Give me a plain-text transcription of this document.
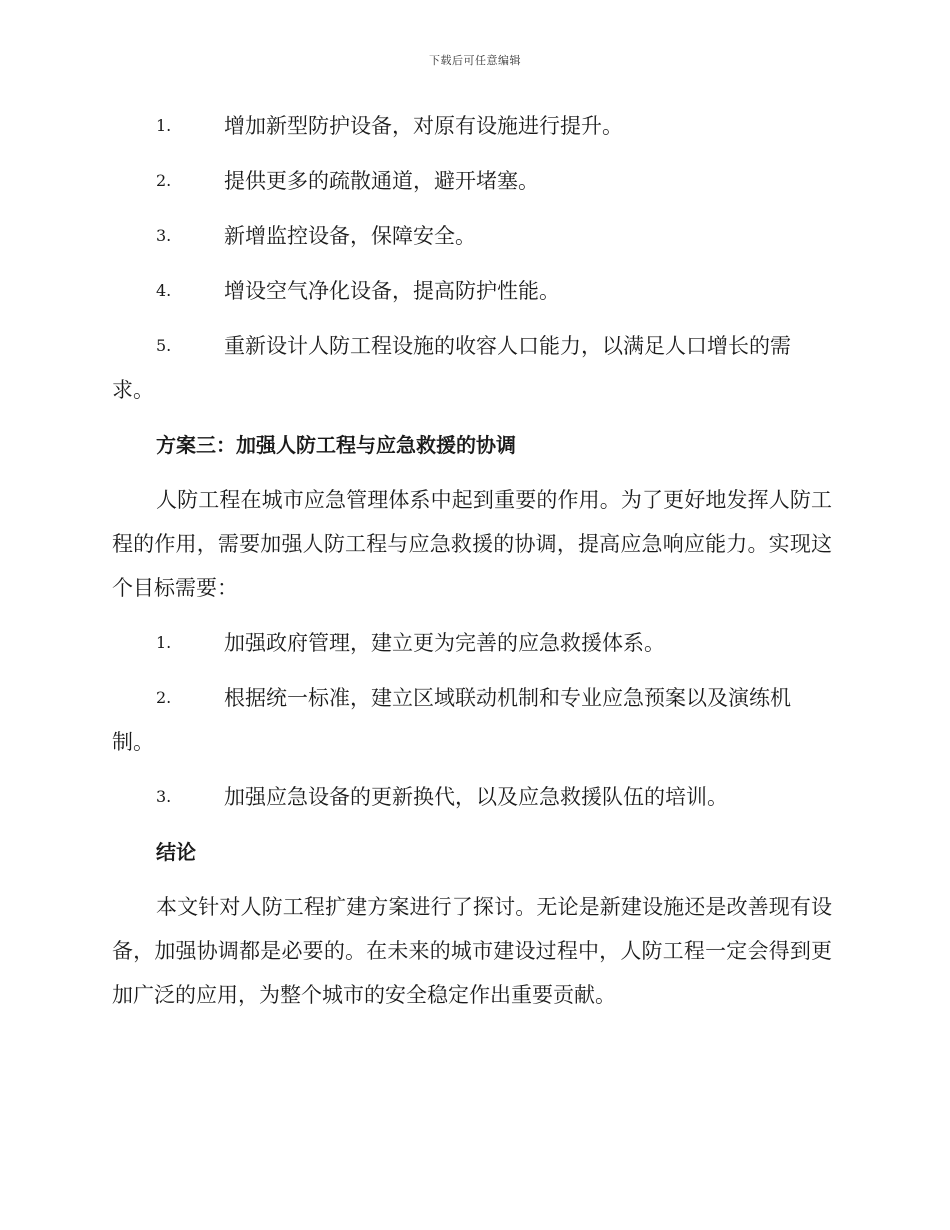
下载后可任意编辑
1.	增加新型防护设备，对原有设施进行提升。
2.	提供更多的疏散通道，避开堵塞。
3.	新增监控设备，保障安全。
4.	增设空气净化设备，提高防护性能。
5.	重新设计人防工程设施的收容人口能力，以满足人口增长的需求。
方案三：加强人防工程与应急救援的协调
人防工程在城市应急管理体系中起到重要的作用。为了更好地发挥人防工程的作用，需要加强人防工程与应急救援的协调，提高应急响应能力。实现这个目标需要：
1.	加强政府管理，建立更为完善的应急救援体系。
2.	根据统一标准，建立区域联动机制和专业应急预案以及演练机制。
3.	加强应急设备的更新换代，以及应急救援队伍的培训。
结论
本文针对人防工程扩建方案进行了探讨。无论是新建设施还是改善现有设备，加强协调都是必要的。在未来的城市建设过程中，人防工程一定会得到更加广泛的应用，为整个城市的安全稳定作出重要贡献。
